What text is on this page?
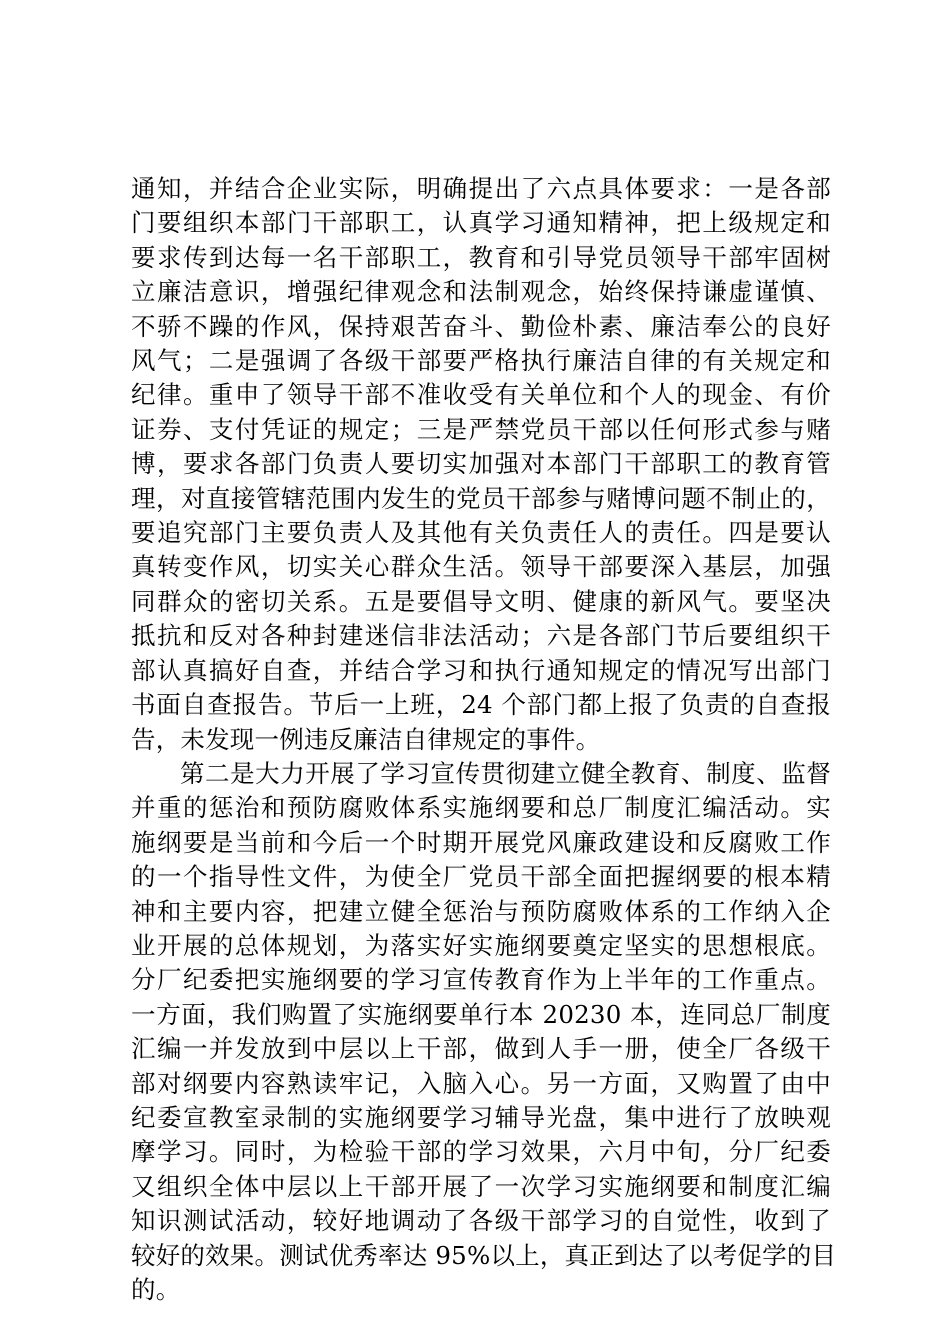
通知，并结合企业实际，明确提出了六点具体要求：一是各部
门要组织本部门干部职工，认真学习通知精神，把上级规定和
要求传到达每一名干部职工，教育和引导党员领导干部牢固树
立廉洁意识，增强纪律观念和法制观念，始终保持谦虚谨慎、
不骄不躁的作风，保持艰苦奋斗、勤俭朴素、廉洁奉公的良好
风气；二是强调了各级干部要严格执行廉洁自律的有关规定和
纪律。重申了领导干部不准收受有关单位和个人的现金、有价
证券、支付凭证的规定；三是严禁党员干部以任何形式参与赌
博，要求各部门负责人要切实加强对本部门干部职工的教育管
理，对直接管辖范围内发生的党员干部参与赌博问题不制止的，
要追究部门主要负责人及其他有关负责任人的责任。四是要认
真转变作风，切实关心群众生活。领导干部要深入基层，加强
同群众的密切关系。五是要倡导文明、健康的新风气。要坚决
抵抗和反对各种封建迷信非法活动；六是各部门节后要组织干
部认真搞好自查，并结合学习和执行通知规定的情况写出部门
书面自查报告。节后一上班，24 个部门都上报了负责的自查报
告，未发现一例违反廉洁自律规定的事件。
第二是大力开展了学习宣传贯彻建立健全教育、制度、监督
并重的惩治和预防腐败体系实施纲要和总厂制度汇编活动。实
施纲要是当前和今后一个时期开展党风廉政建设和反腐败工作
的一个指导性文件，为使全厂党员干部全面把握纲要的根本精
神和主要内容，把建立健全惩治与预防腐败体系的工作纳入企
业开展的总体规划，为落实好实施纲要奠定坚实的思想根底。
分厂纪委把实施纲要的学习宣传教育作为上半年的工作重点。
一方面，我们购置了实施纲要单行本 20230 本，连同总厂制度
汇编一并发放到中层以上干部，做到人手一册，使全厂各级干
部对纲要内容熟读牢记，入脑入心。另一方面，又购置了由中
纪委宣教室录制的实施纲要学习辅导光盘，集中进行了放映观
摩学习。同时，为检验干部的学习效果，六月中旬，分厂纪委
又组织全体中层以上干部开展了一次学习实施纲要和制度汇编
知识测试活动，较好地调动了各级干部学习的自觉性，收到了
较好的效果。测试优秀率达 95%以上，真正到达了以考促学的目
的。
